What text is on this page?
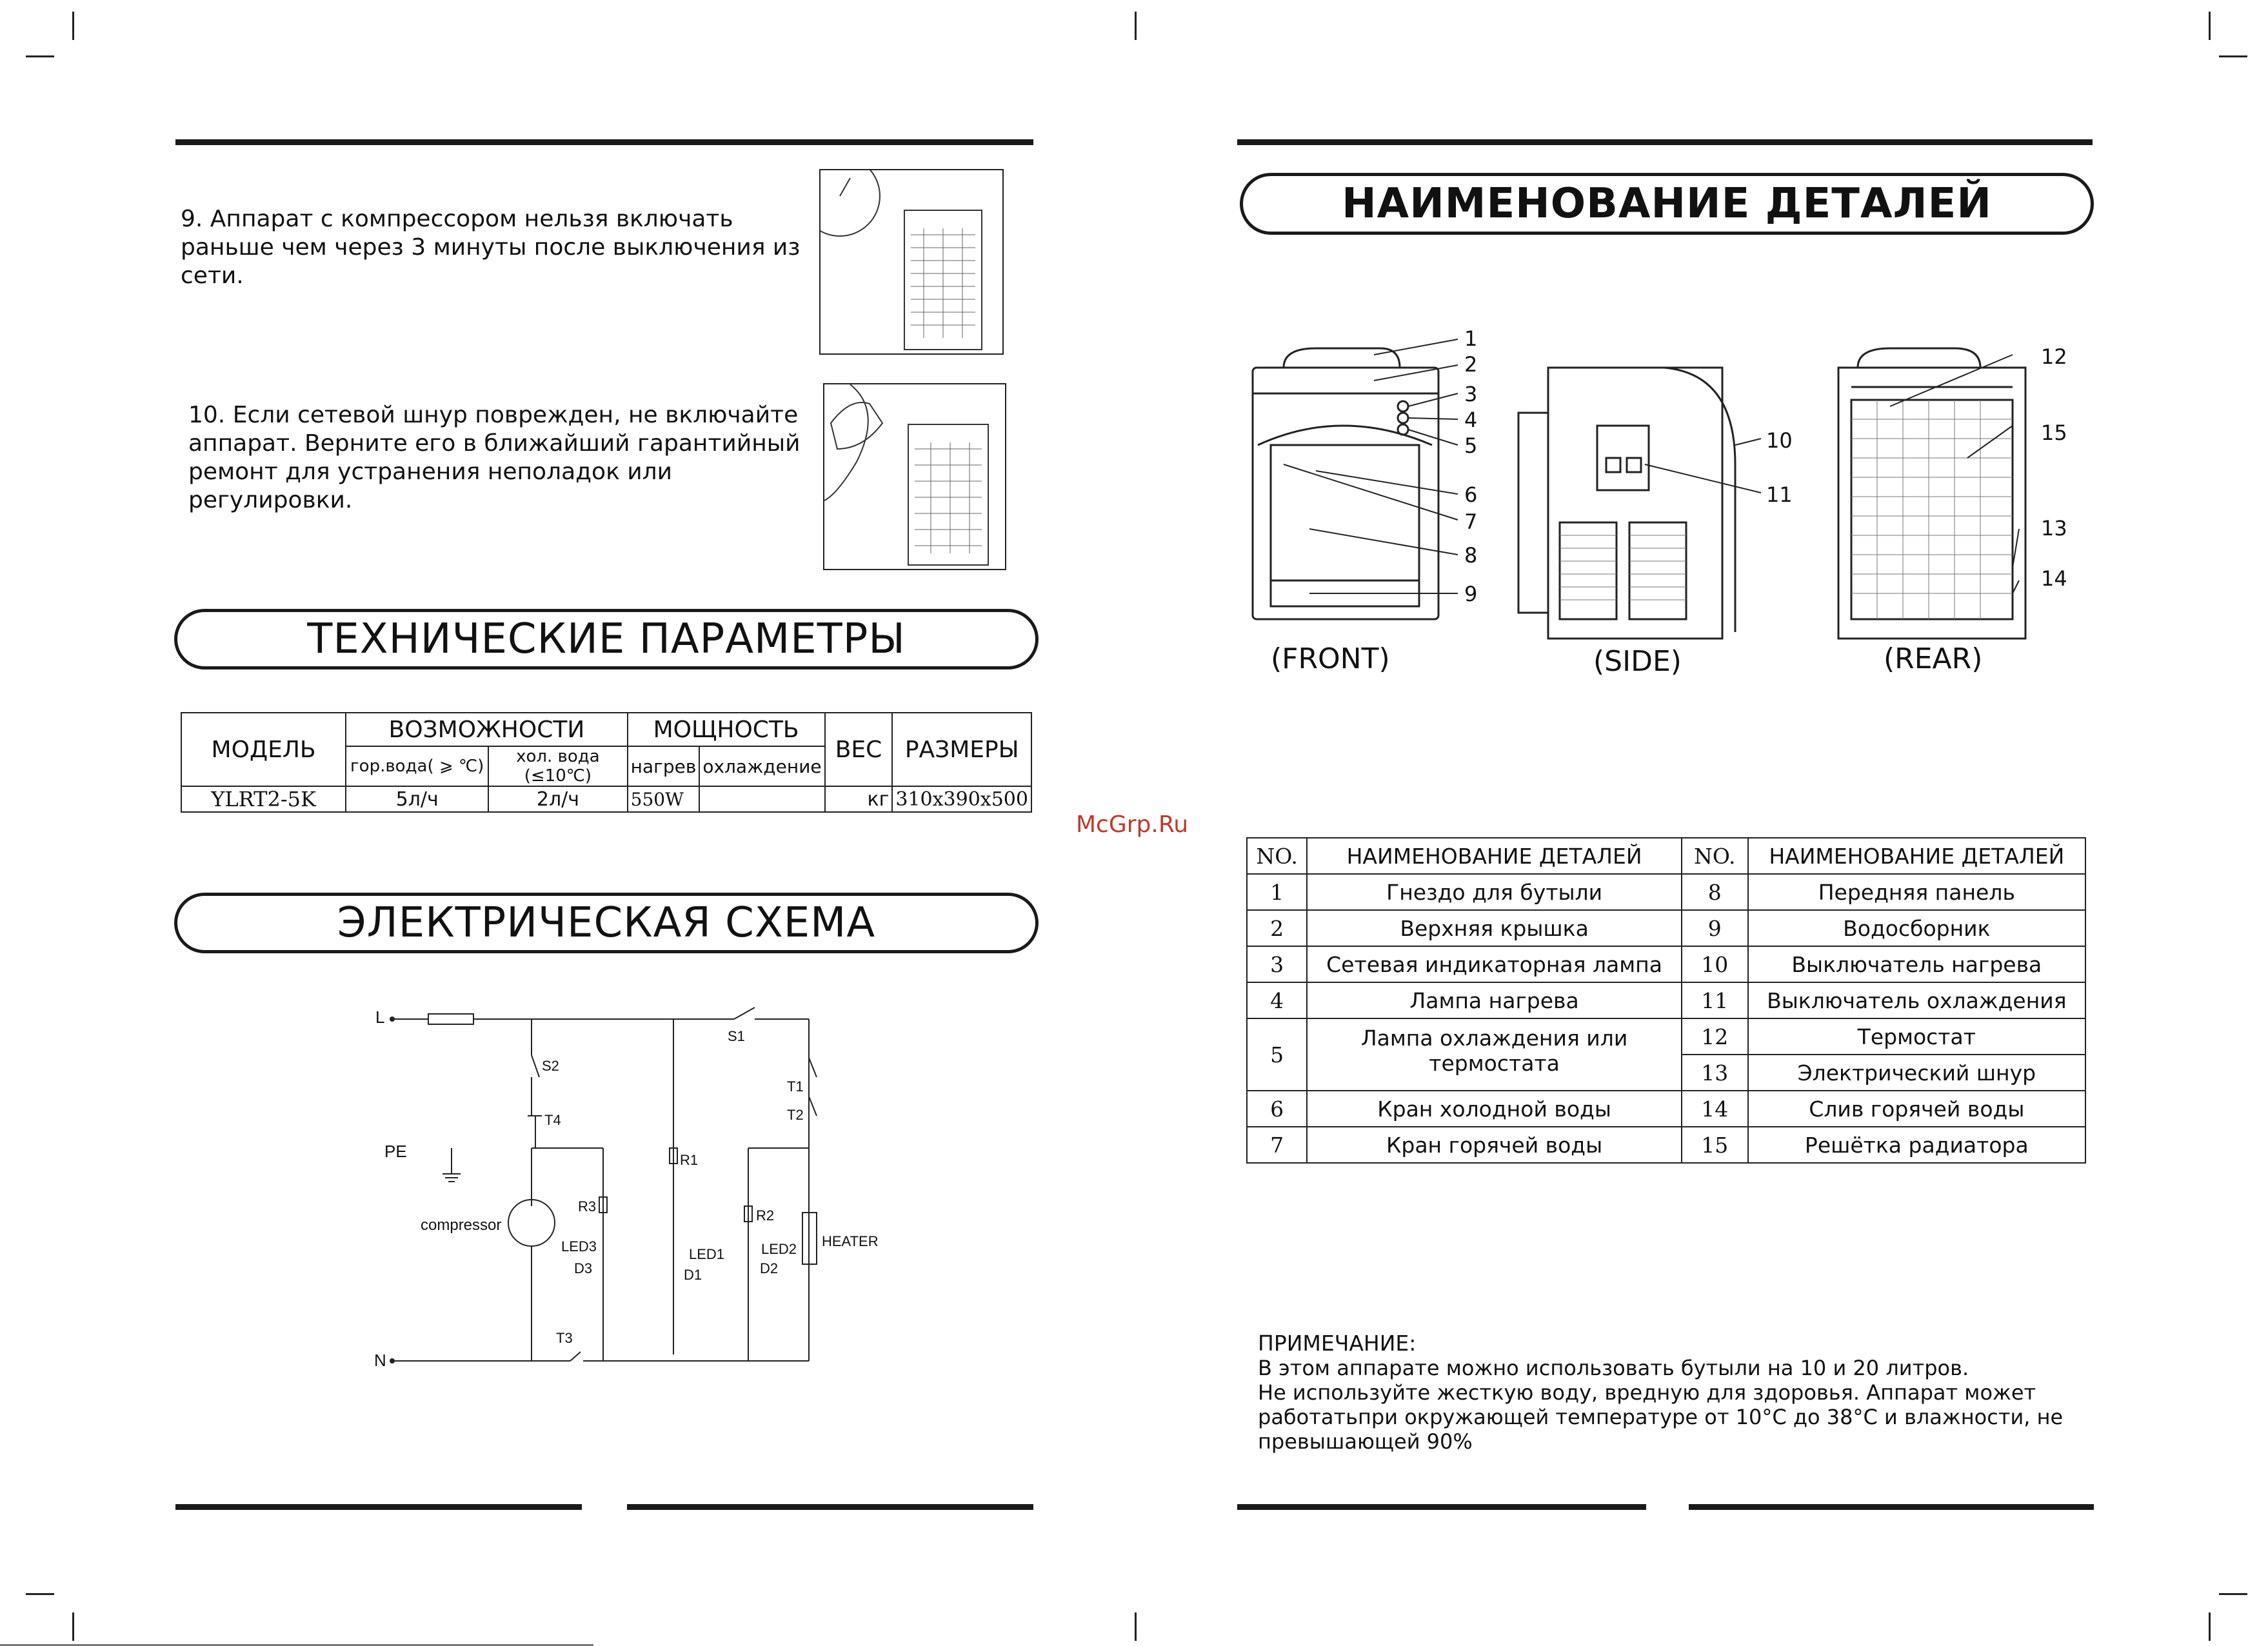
9. Аппарат с компрессором нельзя включать
раньше чем через 3 минуты после выключения из сети.
10. Если сетевой шнур поврежден, не включайте
аппарат. Верните его в ближайший гарантийный
ремонт для устранения неполадок или регулировки.
ТЕХНИЧЕСКИЕ ПАРАМЕТРЫ
МОДЕЛЬ	ВОЗМОЖНОСТИ		МОЩНОСТЬ		ВЕС	РАЗМЕРЫ
	гор.вода( ⩾ ℃)	хол. вода (≤10℃)	нагрев	охлаждение		
YLRT2-5K	5л/ч	2л/ч	550W		кг	310x390x500
ЭЛЕКТРИЧЕСКАЯ СХЕМА
L
N
PE
S1
S2
T1
T2
T3
T4
R1
R2
R3
LED1	LED2
LED3
D1	D2
D3
compressor
HEATER
McGrp.Ru
НАИМЕНОВАНИЕ ДЕТАЛЕЙ
1
2
3
4
5
6
7
8
9
10
11
12
13
14
15
(FRONT)	(SIDE)	(REAR)
NO.	НАИМЕНОВАНИЕ ДЕТАЛЕЙ	NO.	НАИМЕНОВАНИЕ ДЕТАЛЕЙ
1	Гнездо для бутыли	8	Передняя панель
2	Верхняя крышка	9	Водосборник
3	Сетевая индикаторная лампа	10	Выключатель нагрева
4	Лампа нагрева	11	Выключатель охлаждения
5	Лампа охлаждения или термостата	12	Термостат
		13	Электрический шнур
6	Кран холодной воды	14	Слив горячей воды
7	Кран горячей воды	15	Решётка радиатора
ПРИМЕЧАНИЕ:
В этом аппарате можно использовать бутыли на 10 и 20 литров.
Не используйте жесткую воду, вредную для здоровья. Аппарат может
работатьпри окружающей температуре от 10°С до 38°С и влажности, не
превышающей 90%
